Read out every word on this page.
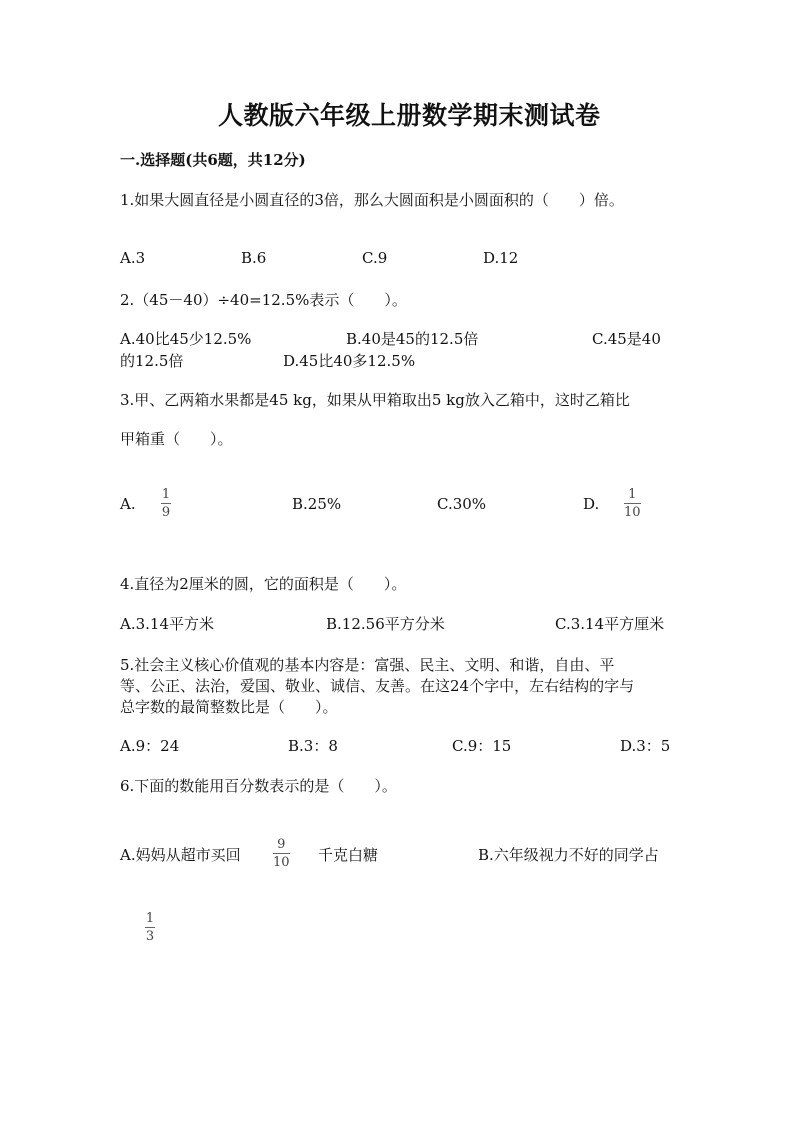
人教版六年级上册数学期末测试卷
一.选择题(共6题，共12分)
1.如果大圆直径是小圆直径的3倍，那么大圆面积是小圆面积的（　　）倍。
A.3	B.6	C.9	D.12
2.（45－40）÷40=12.5%表示（　　）。
A.40比45少12.5%	B.40是45的12.5倍	C.45是40
的12.5倍	D.45比40多12.5%
3.甲、乙两箱水果都是45 kg，如果从甲箱取出5 kg放入乙箱中，这时乙箱比
甲箱重（　　）。
A.
1
9	B.25%	C.30%	D.
1
10
4.直径为2厘米的圆，它的面积是（　　）。
A.3.14平方米	B.12.56平方分米	C.3.14平方厘米
5.社会主义核心价值观的基本内容是：富强、民主、文明、和谐，自由、平
等、公正、法治，爱国、敬业、诚信、友善。在这24个字中，左右结构的字与
总字数的最简整数比是（　　）。
A.9：24	B.3：8	C.9：15	D.3：5
6.下面的数能用百分数表示的是（　　）。
A.妈妈从超市买回
9
10 千克白糖	B.六年级视力不好的同学占
1
3
